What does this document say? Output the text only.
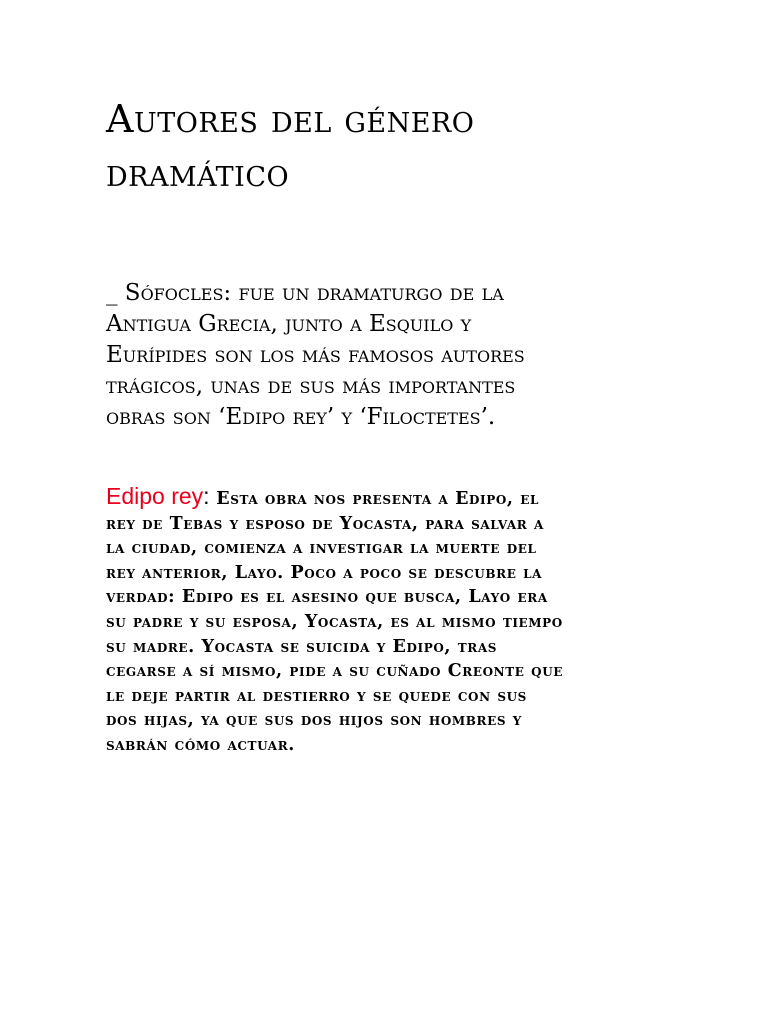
Autores del género
dramático

_ Sófocles: fue un dramaturgo de la
Antigua Grecia, junto a Esquilo y
Eurípides son los más famosos autores
trágicos, unas de sus más importantes
obras son ‘Edipo rey’ y ‘Filoctetes’.

Edipo rey: Esta obra nos presenta a Edipo, el
rey de Tebas y esposo de Yocasta, para salvar a
la ciudad, comienza a investigar la muerte del
rey anterior, Layo. Poco a poco se descubre la
verdad: Edipo es el asesino que busca, Layo era
su padre y su esposa, Yocasta, es al mismo tiempo
su madre. Yocasta se suicida y Edipo, tras
cegarse a sí mismo, pide a su cuñado Creonte que
le deje partir al destierro y se quede con sus
dos hijas, ya que sus dos hijos son hombres y
sabrán cómo actuar.
